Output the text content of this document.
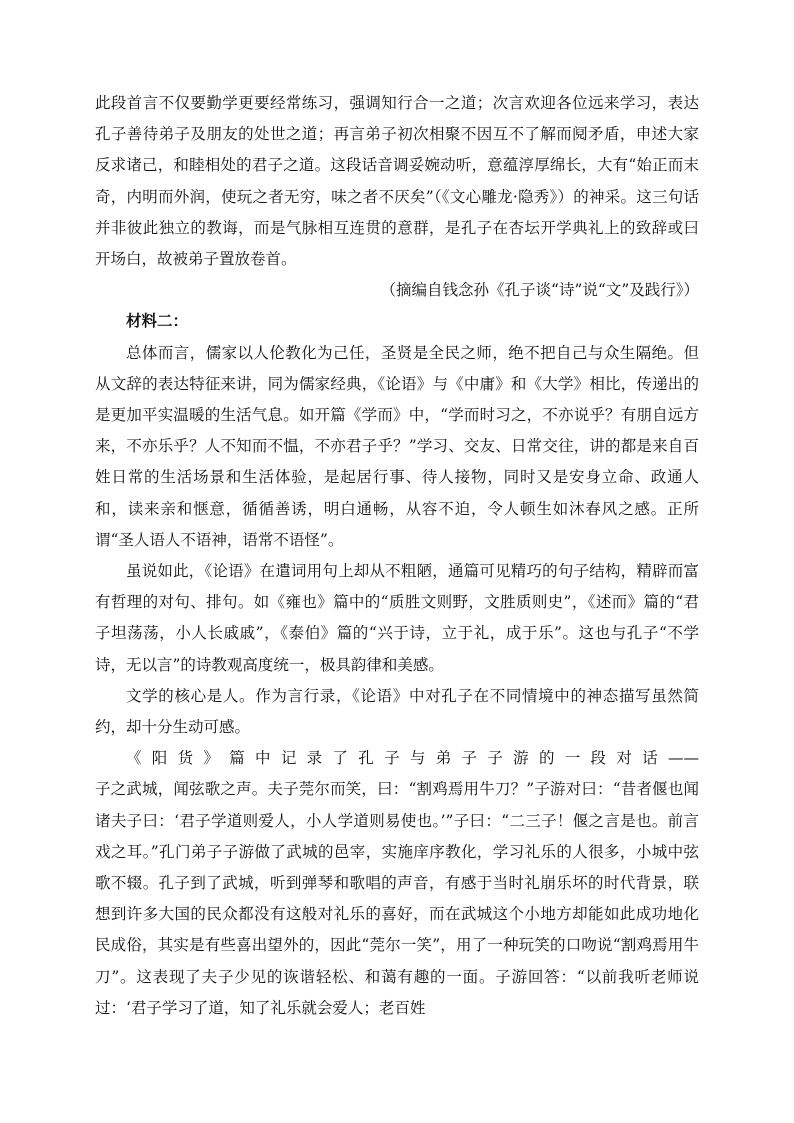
此段首言不仅要勤学更要经常练习，强调知行合一之道；次言欢迎各位远来学习，表达孔子善待弟子及朋友的处世之道；再言弟子初次相聚不因互不了解而阋矛盾，申述大家反求诸己，和睦相处的君子之道。这段话音调妥婉动听，意蕴淳厚绵长，大有“始正而末奇，内明而外润，使玩之者无穷，味之者不厌矣”（《文心雕龙·隐秀》）的神采。这三句话并非彼此独立的教诲，而是气脉相互连贯的意群，是孔子在杏坛开学典礼上的致辞或曰开场白，故被弟子置放卷首。

（摘编自钱念孙《孔子谈“诗”说“文”及践行》）

材料二：

总体而言，儒家以人伦教化为己任，圣贤是全民之师，绝不把自己与众生隔绝。但从文辞的表达特征来讲，同为儒家经典，《论语》与《中庸》和《大学》相比，传递出的是更加平实温暖的生活气息。如开篇《学而》中，“学而时习之，不亦说乎？有朋自远方来，不亦乐乎？人不知而不愠，不亦君子乎？”学习、交友、日常交往，讲的都是来自百姓日常的生活场景和生活体验，是起居行事、待人接物，同时又是安身立命、政通人和，读来亲和惬意，循循善诱，明白通畅，从容不迫，令人顿生如沐春风之感。正所谓“圣人语人不语神，语常不语怪”。

虽说如此，《论语》在遣词用句上却从不粗陋，通篇可见精巧的句子结构，精辟而富有哲理的对句、排句。如《雍也》篇中的“质胜文则野，文胜质则史”，《述而》篇的“君子坦荡荡，小人长戚戚”，《泰伯》篇的“兴于诗，立于礼，成于乐”。这也与孔子“不学诗，无以言”的诗教观高度统一，极具韵律和美感。

文学的核心是人。作为言行录，《论语》中对孔子在不同情境中的神态描写虽然简约，却十分生动可感。

《阳货》篇中记录了孔子与弟子子游的一段对话——

子之武城，闻弦歌之声。夫子莞尔而笑，曰：“割鸡焉用牛刀？”子游对曰：“昔者偃也闻诸夫子曰：‘君子学道则爱人，小人学道则易使也。’”子曰：“二三子！偃之言是也。前言戏之耳。”孔门弟子子游做了武城的邑宰，实施庠序教化，学习礼乐的人很多，小城中弦歌不辍。孔子到了武城，听到弹琴和歌唱的声音，有感于当时礼崩乐坏的时代背景，联想到许多大国的民众都没有这般对礼乐的喜好，而在武城这个小地方却能如此成功地化民成俗，其实是有些喜出望外的，因此“莞尔一笑”，用了一种玩笑的口吻说“割鸡焉用牛刀”。这表现了夫子少见的诙谐轻松、和蔼有趣的一面。子游回答：“以前我听老师说过：‘君子学习了道，知了礼乐就会爱人；老百姓
